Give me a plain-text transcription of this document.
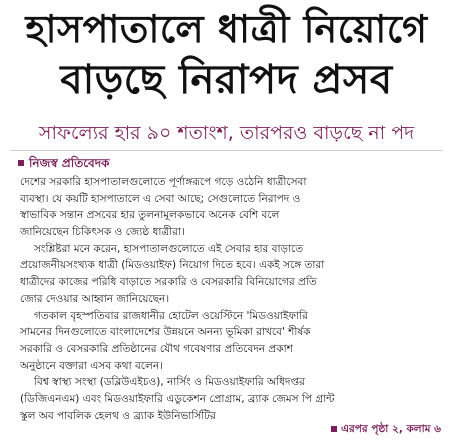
হাসপাতালে ধাত্রী নিয়োগে
বাড়ছে নিরাপদ প্রসব
সাফল্যের হার ৯০ শতাংশ, তারপরও বাড়ছে না পদ
নিজস্ব প্রতিবেদক
দেশের সরকারি হাসপাতালগুলোতে পূর্ণাঙ্গরূপে গড়ে ওঠেনি ধাত্রীসেবা
ব্যবস্থা। যে কয়টি হাসপাতালে এ সেবা আছে; সেগুলোতে নিরাপদ ও
স্বাভাবিক সন্তান প্রসবের হার তুলনামূলকভাবে অনেক বেশি বলে
জানিয়েছেন চিকিৎসক ও জ্যেষ্ঠ ধাত্রীরা।
সংশ্লিষ্টরা মনে করেন, হাসপাতালগুলোতে এই সেবার হার বাড়াতে
প্রয়োজনীয়সংখ্যক ধাত্রী (মিডওয়াইফ) নিয়োগ দিতে হবে। একই সঙ্গে তারা
ধাত্রীদের কাজের পরিধি বাড়াতে সরকারি ও বেসরকারি বিনিয়োগের প্রতি
জোর দেওয়ার আহ্বান জানিয়েছেন।
গতকাল বৃহস্পতিবার রাজধানীর হোটেল ওয়েস্টিনে 'মিডওয়াইফারি
সামনের দিনগুলোতে বাংলাদেশের উন্নয়নে অনন্য ভূমিকা রাখবে' শীর্ষক
সরকারি ও বেসরকারি প্রতিষ্ঠানের যৌথ গবেষণার প্রতিবেদন প্রকাশ
অনুষ্ঠানে বক্তারা এসব কথা বলেন।
বিশ্ব স্বাস্থ্য সংস্থা (ডব্লিউএইচও), নার্সিং ও মিডওয়াইফারি অধিদপ্তর
(ডিজিএনএম) এবং মিডওয়াইফারি এডুকেশন প্রোগ্রাম, ব্র্যাক জেমস পি গ্রান্ট
স্কুল অব পাবলিক হেলথ ও ব্র্যাক ইউনিভার্সিটির
এরপর পৃষ্ঠা ২, কলাম ৬
